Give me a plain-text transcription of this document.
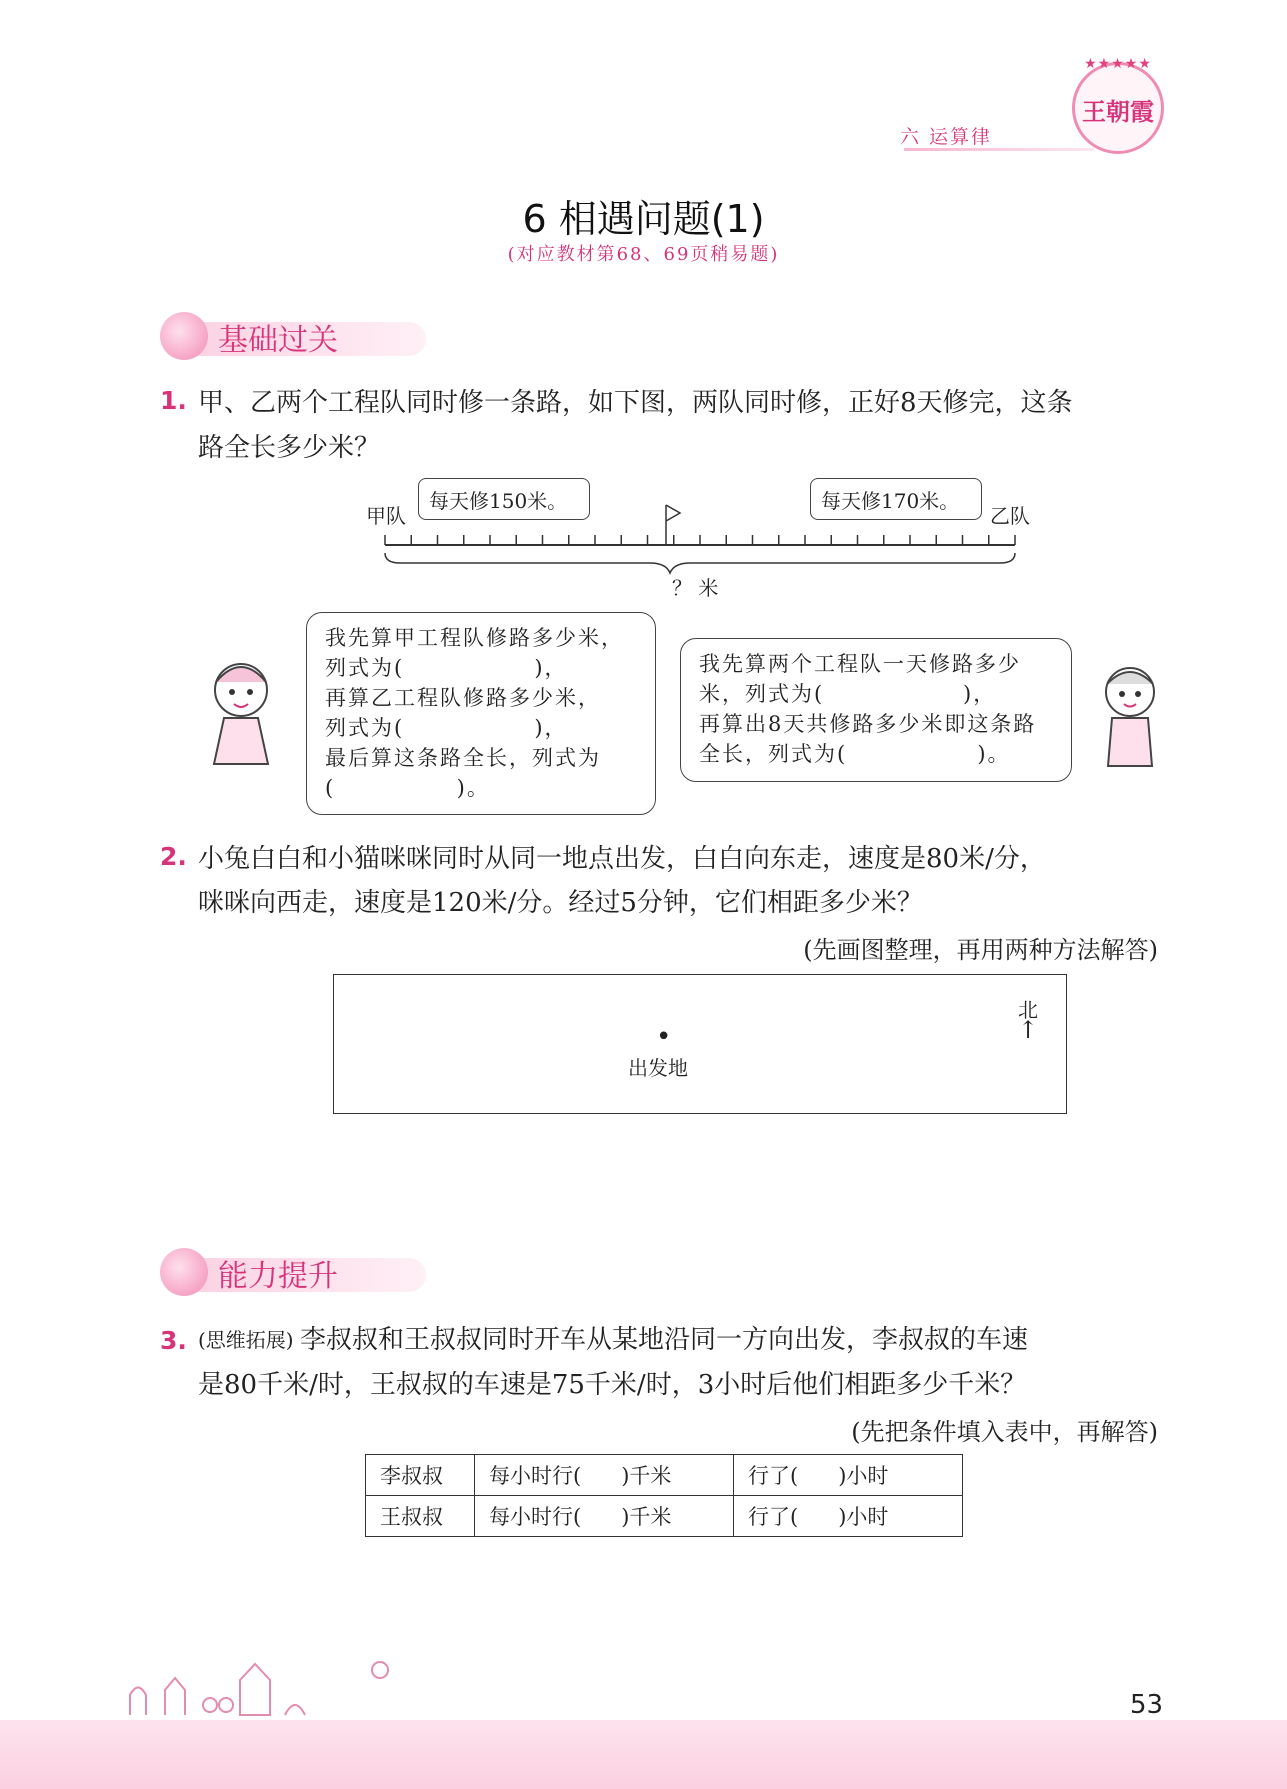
★★★★★
王朝霞
六 运算律
6 相遇问题(1)
(对应教材第68、69页稍易题)
基础过关
1. 甲、乙两个工程队同时修一条路，如下图，两队同时修，正好8天修完，这条
路全长多少米？
甲队	乙队
每天修150米。	每天修170米。
？ 米
我先算甲工程队修路多少米，
列式为(               )，
再算乙工程队修路多少米，
列式为(               )，
最后算这条路全长，列式为
(              )。
我先算两个工程队一天修路多少
米，列式为(                )，
再算出8天共修路多少米即这条路
全长，列式为(               )。
2. 小兔白白和小猫咪咪同时从同一地点出发，白白向东走，速度是80米/分，
咪咪向西走，速度是120米/分。经过5分钟，它们相距多少米？
(先画图整理，再用两种方法解答)
北
↑
•
出发地
能力提升
3. (思维拓展) 李叔叔和王叔叔同时开车从某地沿同一方向出发，李叔叔的车速
是80千米/时，王叔叔的车速是75千米/时，3小时后他们相距多少千米？
(先把条件填入表中，再解答)
李叔叔	每小时行(      )千米	行了(      )小时
王叔叔	每小时行(      )千米	行了(      )小时
53
